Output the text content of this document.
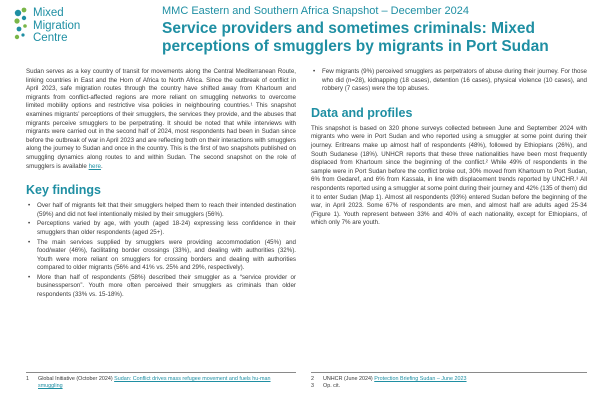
Mixed
Migration
Centre
MMC Eastern and Southern Africa Snapshot – December 2024
Service providers and sometimes criminals: Mixed perceptions of smugglers by migrants in Port Sudan

Sudan serves as a key country of transit for movements along the Central Mediterranean Route, linking countries in East and the Horn of Africa to North Africa. Since the outbreak of conflict in April 2023, safe migration routes through the country have shifted away from Khartoum and migrants from conflict-affected regions are more reliant on smuggling networks to overcome limited mobility options and restrictive visa policies in neighbouring countries.¹ This snapshot examines migrants’ perceptions of their smugglers, the services they provide, and the abuses that migrants perceive smugglers to be perpetrating. It should be noted that while interviews with migrants were carried out in the second half of 2024, most respondents had been in Sudan since before the outbreak of war in April 2023 and are reflecting both on their interactions with smugglers along the journey to Sudan and once in the country. This is the first of two snapshots published on smuggling dynamics along routes to and within Sudan. The second snapshot on the role of smugglers is available here.

Key findings
• Over half of migrants felt that their smugglers helped them to reach their intended destination (59%) and did not feel intentionally misled by their smugglers (56%).
• Perceptions varied by age, with youth (aged 18-24) expressing less confidence in their smugglers than older respondents (aged 25+).
• The main services supplied by smugglers were providing accommodation (45%) and food/water (46%), facilitating border crossings (33%), and dealing with authorities (32%). Youth were more reliant on smugglers for crossing borders and dealing with authorities compared to older migrants (56% and 41% vs. 25% and 29%, respectively).
• More than half of respondents (58%) described their smuggler as a “service provider or businessperson”. Youth more often perceived their smugglers as criminals than older respondents (33% vs. 15-18%).
• Few migrants (9%) perceived smugglers as perpetrators of abuse during their journey. For those who did (n=28), kidnapping (18 cases), detention (16 cases), physical violence (10 cases), and robbery (7 cases) were the top abuses.
Data and profiles

This snapshot is based on 320 phone surveys collected between June and September 2024 with migrants who were in Port Sudan and who reported using a smuggler at some point during their journey. Eritreans make up almost half of respondents (48%), followed by Ethiopians (26%), and South Sudanese (18%). UNHCR reports that these three nationalities have been most frequently displaced from Khartoum since the beginning of the conflict.² While 49% of respondents in the sample were in Port Sudan before the conflict broke out, 30% moved from Khartoum to Port Sudan, 6% from Gedaref, and 6% from Kassala, in line with displacement trends reported by UNCHR.³ All respondents reported using a smuggler at some point during their journey and 42% (135 of them) did it to enter Sudan (Map 1). Almost all respondents (93%) entered Sudan before the beginning of the war, in April 2023. Some 67% of respondents are men, and almost half are adults aged 25-34 (Figure 1). Youth represent between 33% and 40% of each nationality, except for Ethiopians, of which only 7% are youth.

1	Global Initiative (October 2024) Sudan: Conflict drives mass refugee movement and fuels hu-man smuggling
2	UNHCR (June 2024) Protection Briefing Sudan – June 2023
3	Op. cit.
